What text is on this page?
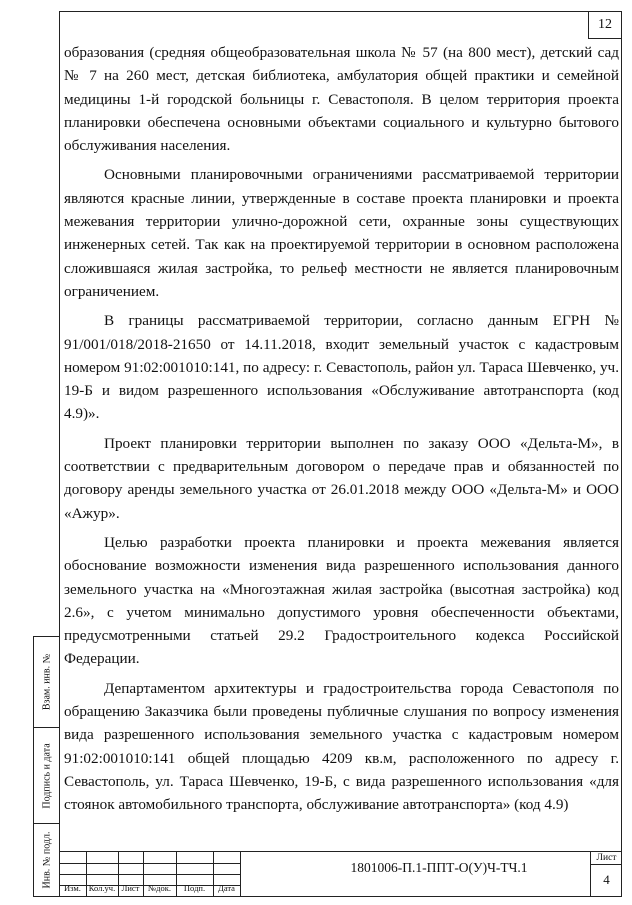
12

образования (средняя общеобразовательная школа № 57 (на 800 мест), детский сад № 7 на 260 мест, детская библиотека, амбулатория общей практики и семейной медицины 1-й городской больницы г. Севастополя. В целом территория проекта планировки обеспечена основными объектами социального и культурно бытового обслуживания населения.

Основными планировочными ограничениями рассматриваемой территории являются красные линии, утвержденные в составе проекта планировки и проекта межевания территории улично-дорожной сети, охранные зоны существующих инженерных сетей. Так как на проектируемой территории в основном расположена сложившаяся жилая застройка, то рельеф местности не является планировочным ограничением.

В границы рассматриваемой территории, согласно данным ЕГРН № 91/001/018/2018-21650 от 14.11.2018, входит земельный участок с кадастровым номером 91:02:001010:141, по адресу: г. Севастополь, район ул. Тараса Шевченко, уч. 19-Б и видом разрешенного использования «Обслуживание автотранспорта (код 4.9)».

Проект планировки территории выполнен по заказу ООО «Дельта-М», в соответствии с предварительным договором о передаче прав и обязанностей по договору аренды земельного участка от 26.01.2018 между ООО «Дельта-М» и ООО «Ажур».

Целью разработки проекта планировки и проекта межевания является обоснование возможности изменения вида разрешенного использования данного земельного участка на «Многоэтажная жилая застройка (высотная застройка) код 2.6», с учетом минимально допустимого уровня обеспеченности объектами, предусмотренными статьей 29.2 Градостроительного кодекса Российской Федерации.

Департаментом архитектуры и градостроительства города Севастополя по обращению Заказчика были проведены публичные слушания по вопросу изменения вида разрешенного использования земельного участка с кадастровым номером 91:02:001010:141 общей площадью 4209 кв.м, расположенного по адресу г. Севастополь, ул. Тараса Шевченко, 19-Б, с вида разрешенного использования «для стоянок автомобильного транспорта, обслуживание автотранспорта» (код 4.9)

Взам. инв. №
Подпись и дата
Инв. № подл.	Изм. Кол.уч. Лист	№док.	Подп.	Дата
1801006-П.1-ППТ-О(У)Ч-ТЧ.1
Лист
4
